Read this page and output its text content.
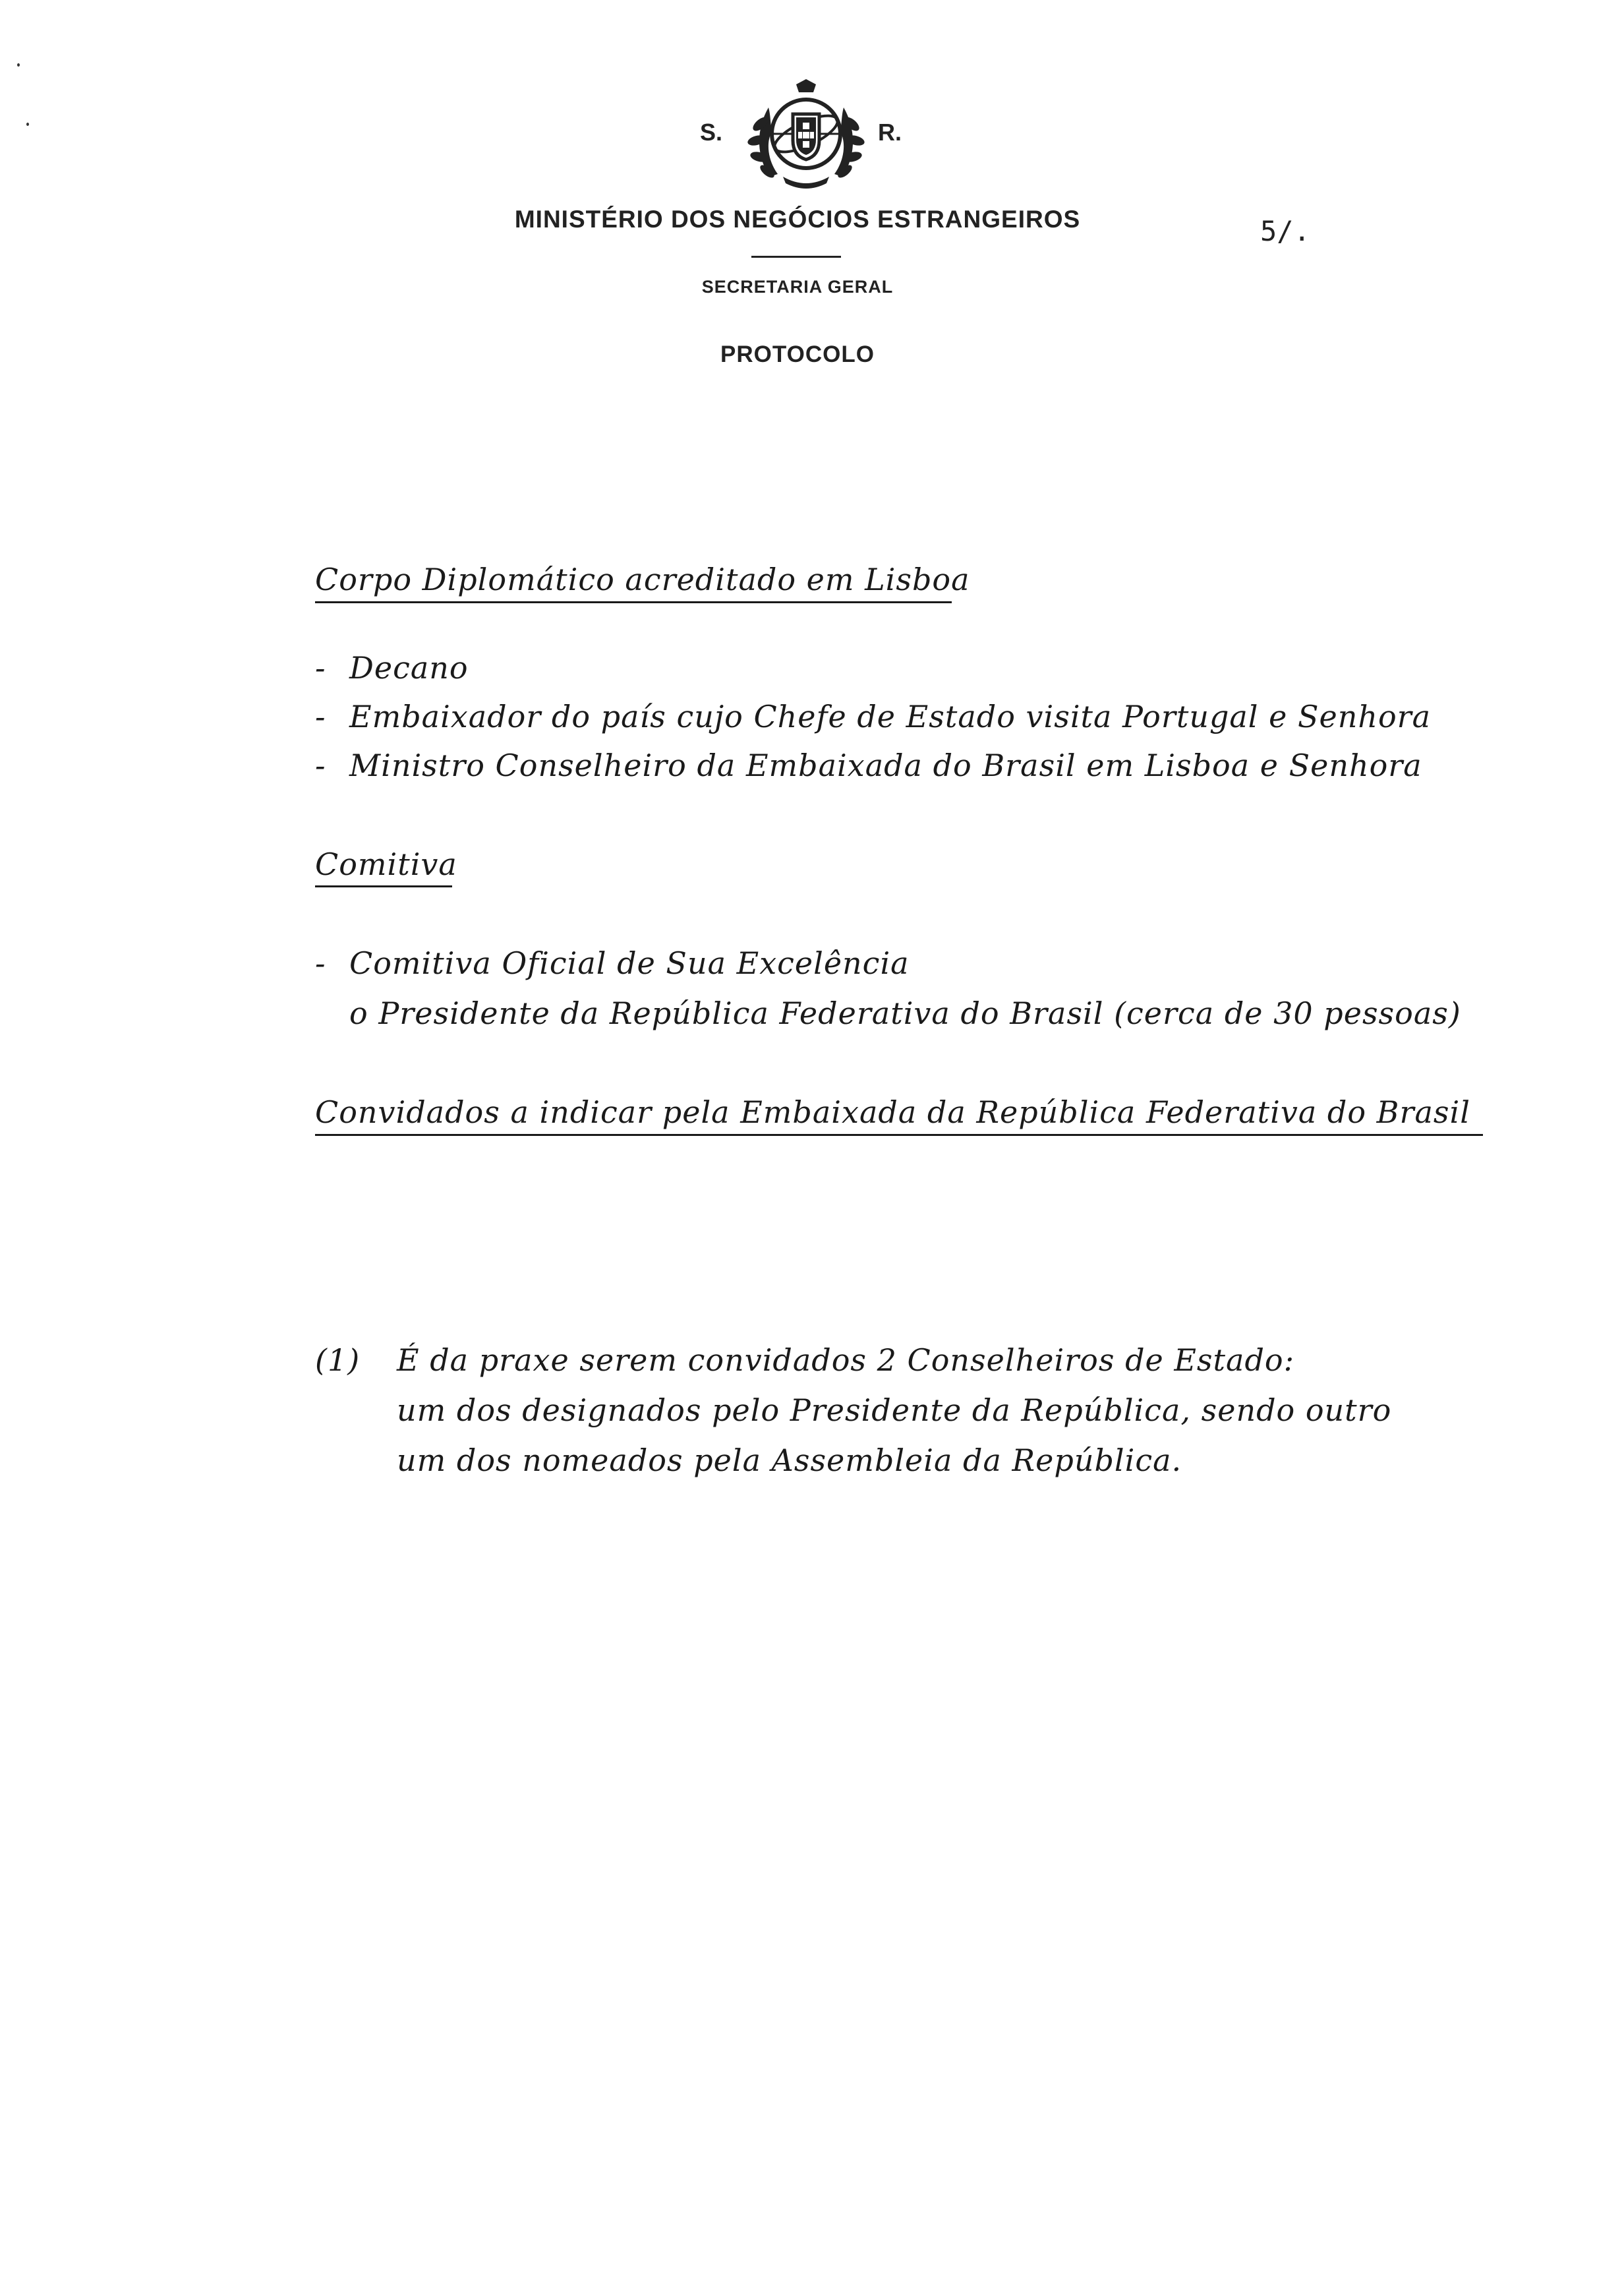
S.	R.
MINISTÉRIO DOS NEGÓCIOS ESTRANGEIROS
SECRETARIA GERAL
PROTOCOLO
5/.
Corpo Diplomático acreditado em Lisboa
- Decano
- Embaixador do país cujo Chefe de Estado visita Portugal e Senhora
- Ministro Conselheiro da Embaixada do Brasil em Lisboa e Senhora
Comitiva
- Comitiva Oficial de Sua Excelência
o Presidente da República Federativa do Brasil (cerca de 30 pessoas)
Convidados a indicar pela Embaixada da República Federativa do Brasil
(1) É da praxe serem convidados 2 Conselheiros de Estado:
um dos designados pelo Presidente da República, sendo outro
um dos nomeados pela Assembleia da República.
